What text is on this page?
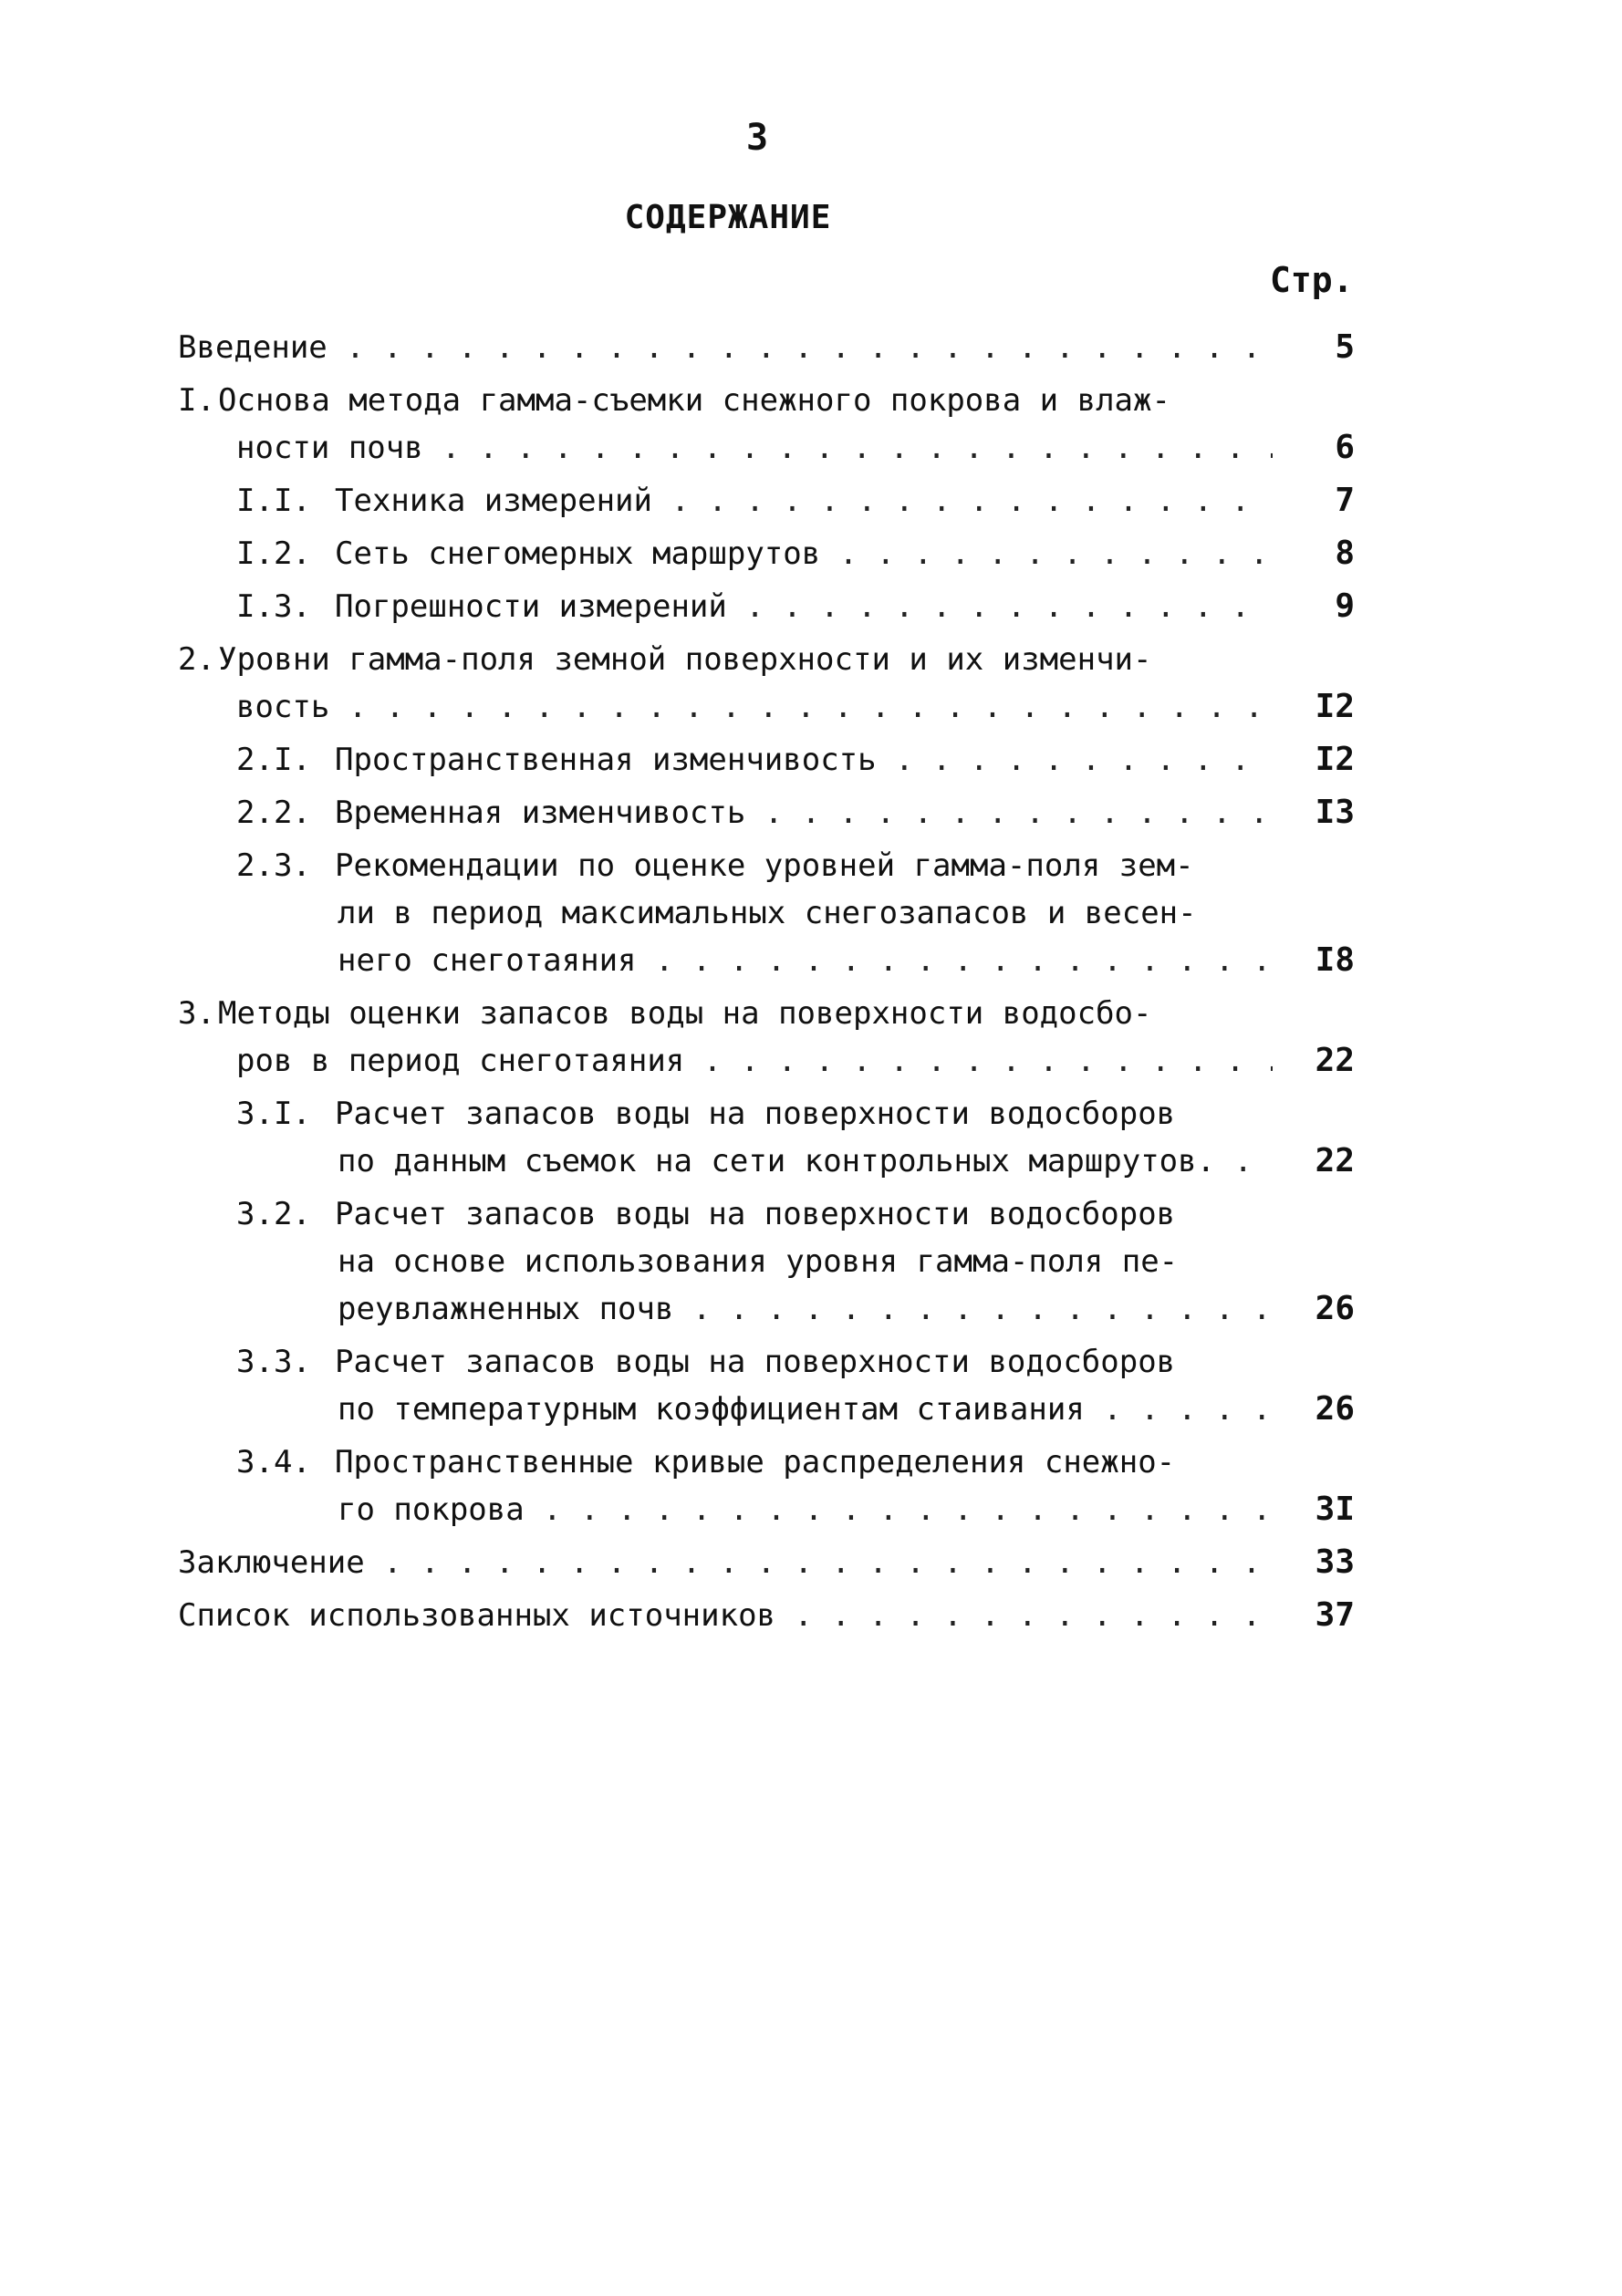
3
СОДЕРЖАНИЕ
Стр.
Введение . . .	5
I.Основа метода гамма-съемки снежного покрова и влаж-
ности почв . . .	6
I.I. Техника измерений . . .	7
I.2. Сеть снегомерных маршрутов . . .	8
I.3. Погрешности измерений . . .	9
2.Уровни гамма-поля земной поверхности и их изменчи-
вость . . .	I2
2.I. Пространственная изменчивость . . .	I2
2.2. Временная изменчивость . . .	I3
2.3. Рекомендации по оценке уровней гамма-поля зем-
ли в период максимальных снегозапасов и весен-
него снеготаяния . . .	I8
3.Методы оценки запасов воды на поверхности водосбо-
ров в период снеготаяния . . .	22
3.I. Расчет запасов воды на поверхности водосборов
по данным съемок на сети контрольных маршрутов. . . .	22
3.2. Расчет запасов воды на поверхности водосборов
на основе использования уровня гамма-поля пе-
реувлажненных почв . . .	26
3.3. Расчет запасов воды на поверхности водосборов
по температурным коэффициентам стаивания . . .	26
3.4. Пространственные кривые распределения снежно-
го покрова . . .	3I
Заключение . . .	33
Список использованных источников . . .	37
